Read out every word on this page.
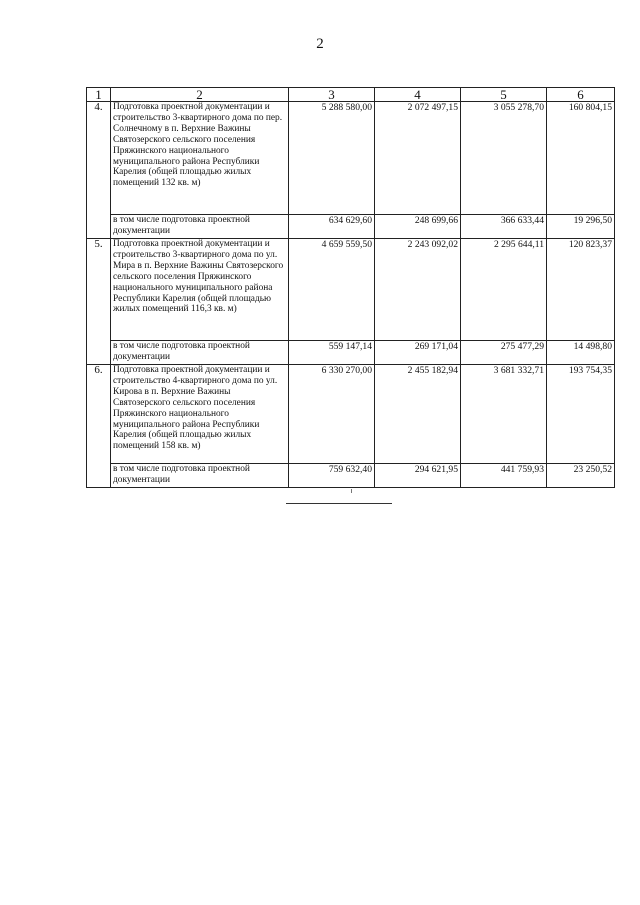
2
1	2	3	4	5	6
4.	Подготовка проектной документации и строительство 3-квартирного дома по пер. Солнечному в п. Верхние Важины Святозерского сельского поселения Пряжинского национального муниципального района Республики Карелия (общей площадью жилых помещений 132 кв. м)	5 288 580,00	2 072 497,15	3 055 278,70	160 804,15
	в том числе подготовка проектной документации	634 629,60	248 699,66	366 633,44	19 296,50
5.	Подготовка проектной документации и строительство 3-квартирного дома по ул. Мира в п. Верхние Важины Святозерского сельского поселения Пряжинского национального муниципального района Республики Карелия (общей площадью жилых помещений 116,3 кв. м)	4 659 559,50	2 243 092,02	2 295 644,11	120 823,37
	в том числе подготовка проектной документации	559 147,14	269 171,04	275 477,29	14 498,80
6.	Подготовка проектной документации и строительство 4-квартирного дома по ул. Кирова в п. Верхние Важины Святозерского сельского поселения Пряжинского национального муниципального района Республики Карелия (общей площадью жилых помещений 158 кв. м)	6 330 270,00	2 455 182,94	3 681 332,71	193 754,35
	в том числе подготовка проектной документации	759 632,40	294 621,95	441 759,93	23 250,52
